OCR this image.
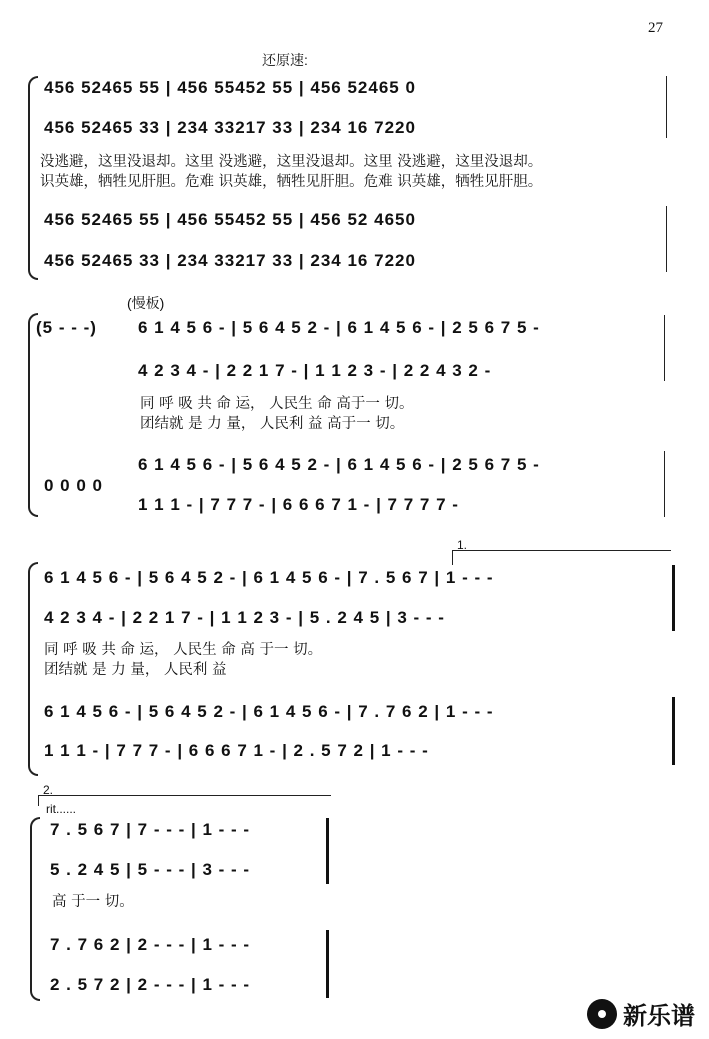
27
还原速:
456 52465 55 | 456 55452 55 | 456 52465 0
456 52465 33 | 234 33217 33 | 234 16 7220
没逃避，这里没退却。这里 没逃避，这里没退却。这里 没逃避，这里没退却。
识英雄，牺牲见肝胆。危难 识英雄，牺牲见肝胆。危难 识英雄，牺牲见肝胆。
456 52465 55 | 456 55452 55 | 456 52 4650
456 52465 33 | 234 33217 33 | 234 16 7220
(慢板)
(5 - - -) 6 1 4 5 6 - | 5 6 4 5 2 - | 6 1 4 5 6 - | 2 5 6 7 5 -
4 2 3 4 - | 2 2 1 7 - | 1 1 2 3 - | 2 2 4 3 2 -
同 呼 吸 共 命 运， 人民生 命 高于一 切。
团结就 是 力 量， 人民利 益 高于一 切。
0 0 0 0
6 1 4 5 6 - | 5 6 4 5 2 - | 6 1 4 5 6 - | 2 5 6 7 5 -
1 1 1 - | 7 7 7 - | 6 6 6 7 1 - | 7 7 7 7 -
1.
6 1 4 5 6 - | 5 6 4 5 2 - | 6 1 4 5 6 - | 7 . 5 6 7 | 1 - - -
4 2 3 4 - | 2 2 1 7 - | 1 1 2 3 - | 5 . 2 4 5 | 3 - - -
同 呼 吸 共 命 运， 人民生 命 高 于一 切。
团结就 是 力 量， 人民利 益
6 1 4 5 6 - | 5 6 4 5 2 - | 6 1 4 5 6 - | 7 . 7 6 2 | 1 - - -
1 1 1 - | 7 7 7 - | 6 6 6 7 1 - | 2 . 5 7 2 | 1 - - -
2.
rit......
7 . 5 6 7 | 7 - - - | 1 - - -
5 . 2 4 5 | 5 - - - | 3 - - -
高 于一 切。
7 . 7 6 2 | 2 - - - | 1 - - -
2 . 5 7 2 | 2 - - - | 1 - - -
新乐谱
